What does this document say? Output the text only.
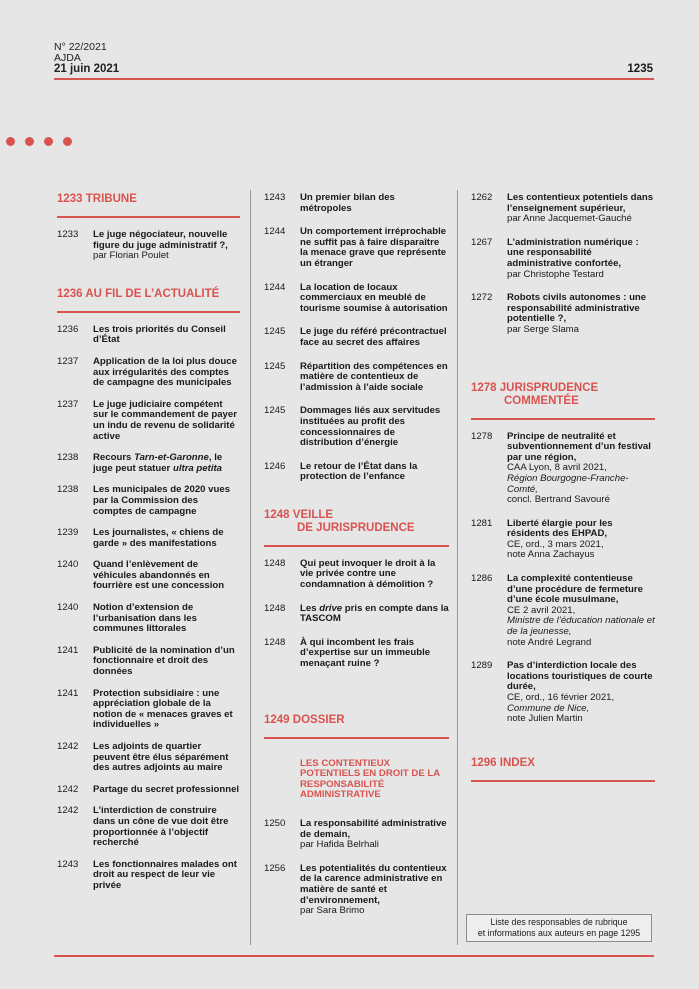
N° 22/2021
AJDA
21 juin 2021	1235
1233 TRIBUNE
1233	Le juge négociateur, nouvelle figure du juge administratif ?,
par Florian Poulet
1236 AU FIL DE L’ACTUALITÉ
1236	Les trois priorités du Conseil d’État
1237	Application de la loi plus douce aux irrégularités des comptes de campagne des municipales
1237	Le juge judiciaire compétent sur le commandement de payer un indu de revenu de solidarité active
1238	Recours Tarn-et-Garonne, le juge peut statuer ultra petita
1238	Les municipales de 2020 vues par la Commission des comptes de campagne
1239	Les journalistes, « chiens de garde » des manifestations
1240	Quand l’enlèvement de véhicules abandonnés en fourrière est une concession
1240	Notion d’extension de l’urbanisation dans les communes littorales
1241	Publicité de la nomination d’un fonctionnaire et droit des données
1241	Protection subsidiaire : une appréciation globale de la notion de « menaces graves et individuelles »
1242	Les adjoints de quartier peuvent être élus séparément des autres adjoints au maire
1242	Partage du secret professionnel
1242	L’interdiction de construire dans un cône de vue doit être proportionnée à l’objectif recherché
1243	Les fonctionnaires malades ont droit au respect de leur vie privée
1243	Un premier bilan des métropoles
1244	Un comportement irréprochable ne suffit pas à faire disparaître la menace grave que représente un étranger
1244	La location de locaux commerciaux en meublé de tourisme soumise à autorisation
1245	Le juge du référé précontractuel face au secret des affaires
1245	Répartition des compétences en matière de contentieux de l’admission à l’aide sociale
1245	Dommages liés aux servitudes instituées au profit des concessionnaires de distribution d’énergie
1246	Le retour de l’État dans la protection de l’enfance
1248 VEILLE
DE JURISPRUDENCE
1248	Qui peut invoquer le droit à la vie privée contre une condamnation à démolition ?
1248	Les drive pris en compte dans la TASCOM
1248	À qui incombent les frais d’expertise sur un immeuble menaçant ruine ?
1249 DOSSIER
LES CONTENTIEUX POTENTIELS EN DROIT DE LA RESPONSABILITÉ ADMINISTRATIVE
1250	La responsabilité administrative de demain,
par Hafida Belrhali
1256	Les potentialités du contentieux de la carence administrative en matière de santé et d’environnement,
par Sara Brimo
1262	Les contentieux potentiels dans l’enseignement supérieur,
par Anne Jacquemet-Gauché
1267	L’administration numérique : une responsabilité administrative confortée,
par Christophe Testard
1272	Robots civils autonomes : une responsabilité administrative potentielle ?,
par Serge Slama
1278 JURISPRUDENCE
COMMENTÉE
1278	Principe de neutralité et subventionnement d’un festival par une région,
CAA Lyon, 8 avril 2021,
Région Bourgogne-Franche-Comté,
concl. Bertrand Savouré
1281	Liberté élargie pour les résidents des EHPAD,
CE, ord., 3 mars 2021,
note Anna Zachayus
1286	La complexité contentieuse d’une procédure de fermeture d’une école musulmane,
CE 2 avril 2021,
Ministre de l’éducation nationale et de la jeunesse,
note André Legrand
1289	Pas d’interdiction locale des locations touristiques de courte durée,
CE, ord., 16 février 2021,
Commune de Nice,
note Julien Martin
1296 INDEX
Liste des responsables de rubrique
et informations aux auteurs en page 1295
